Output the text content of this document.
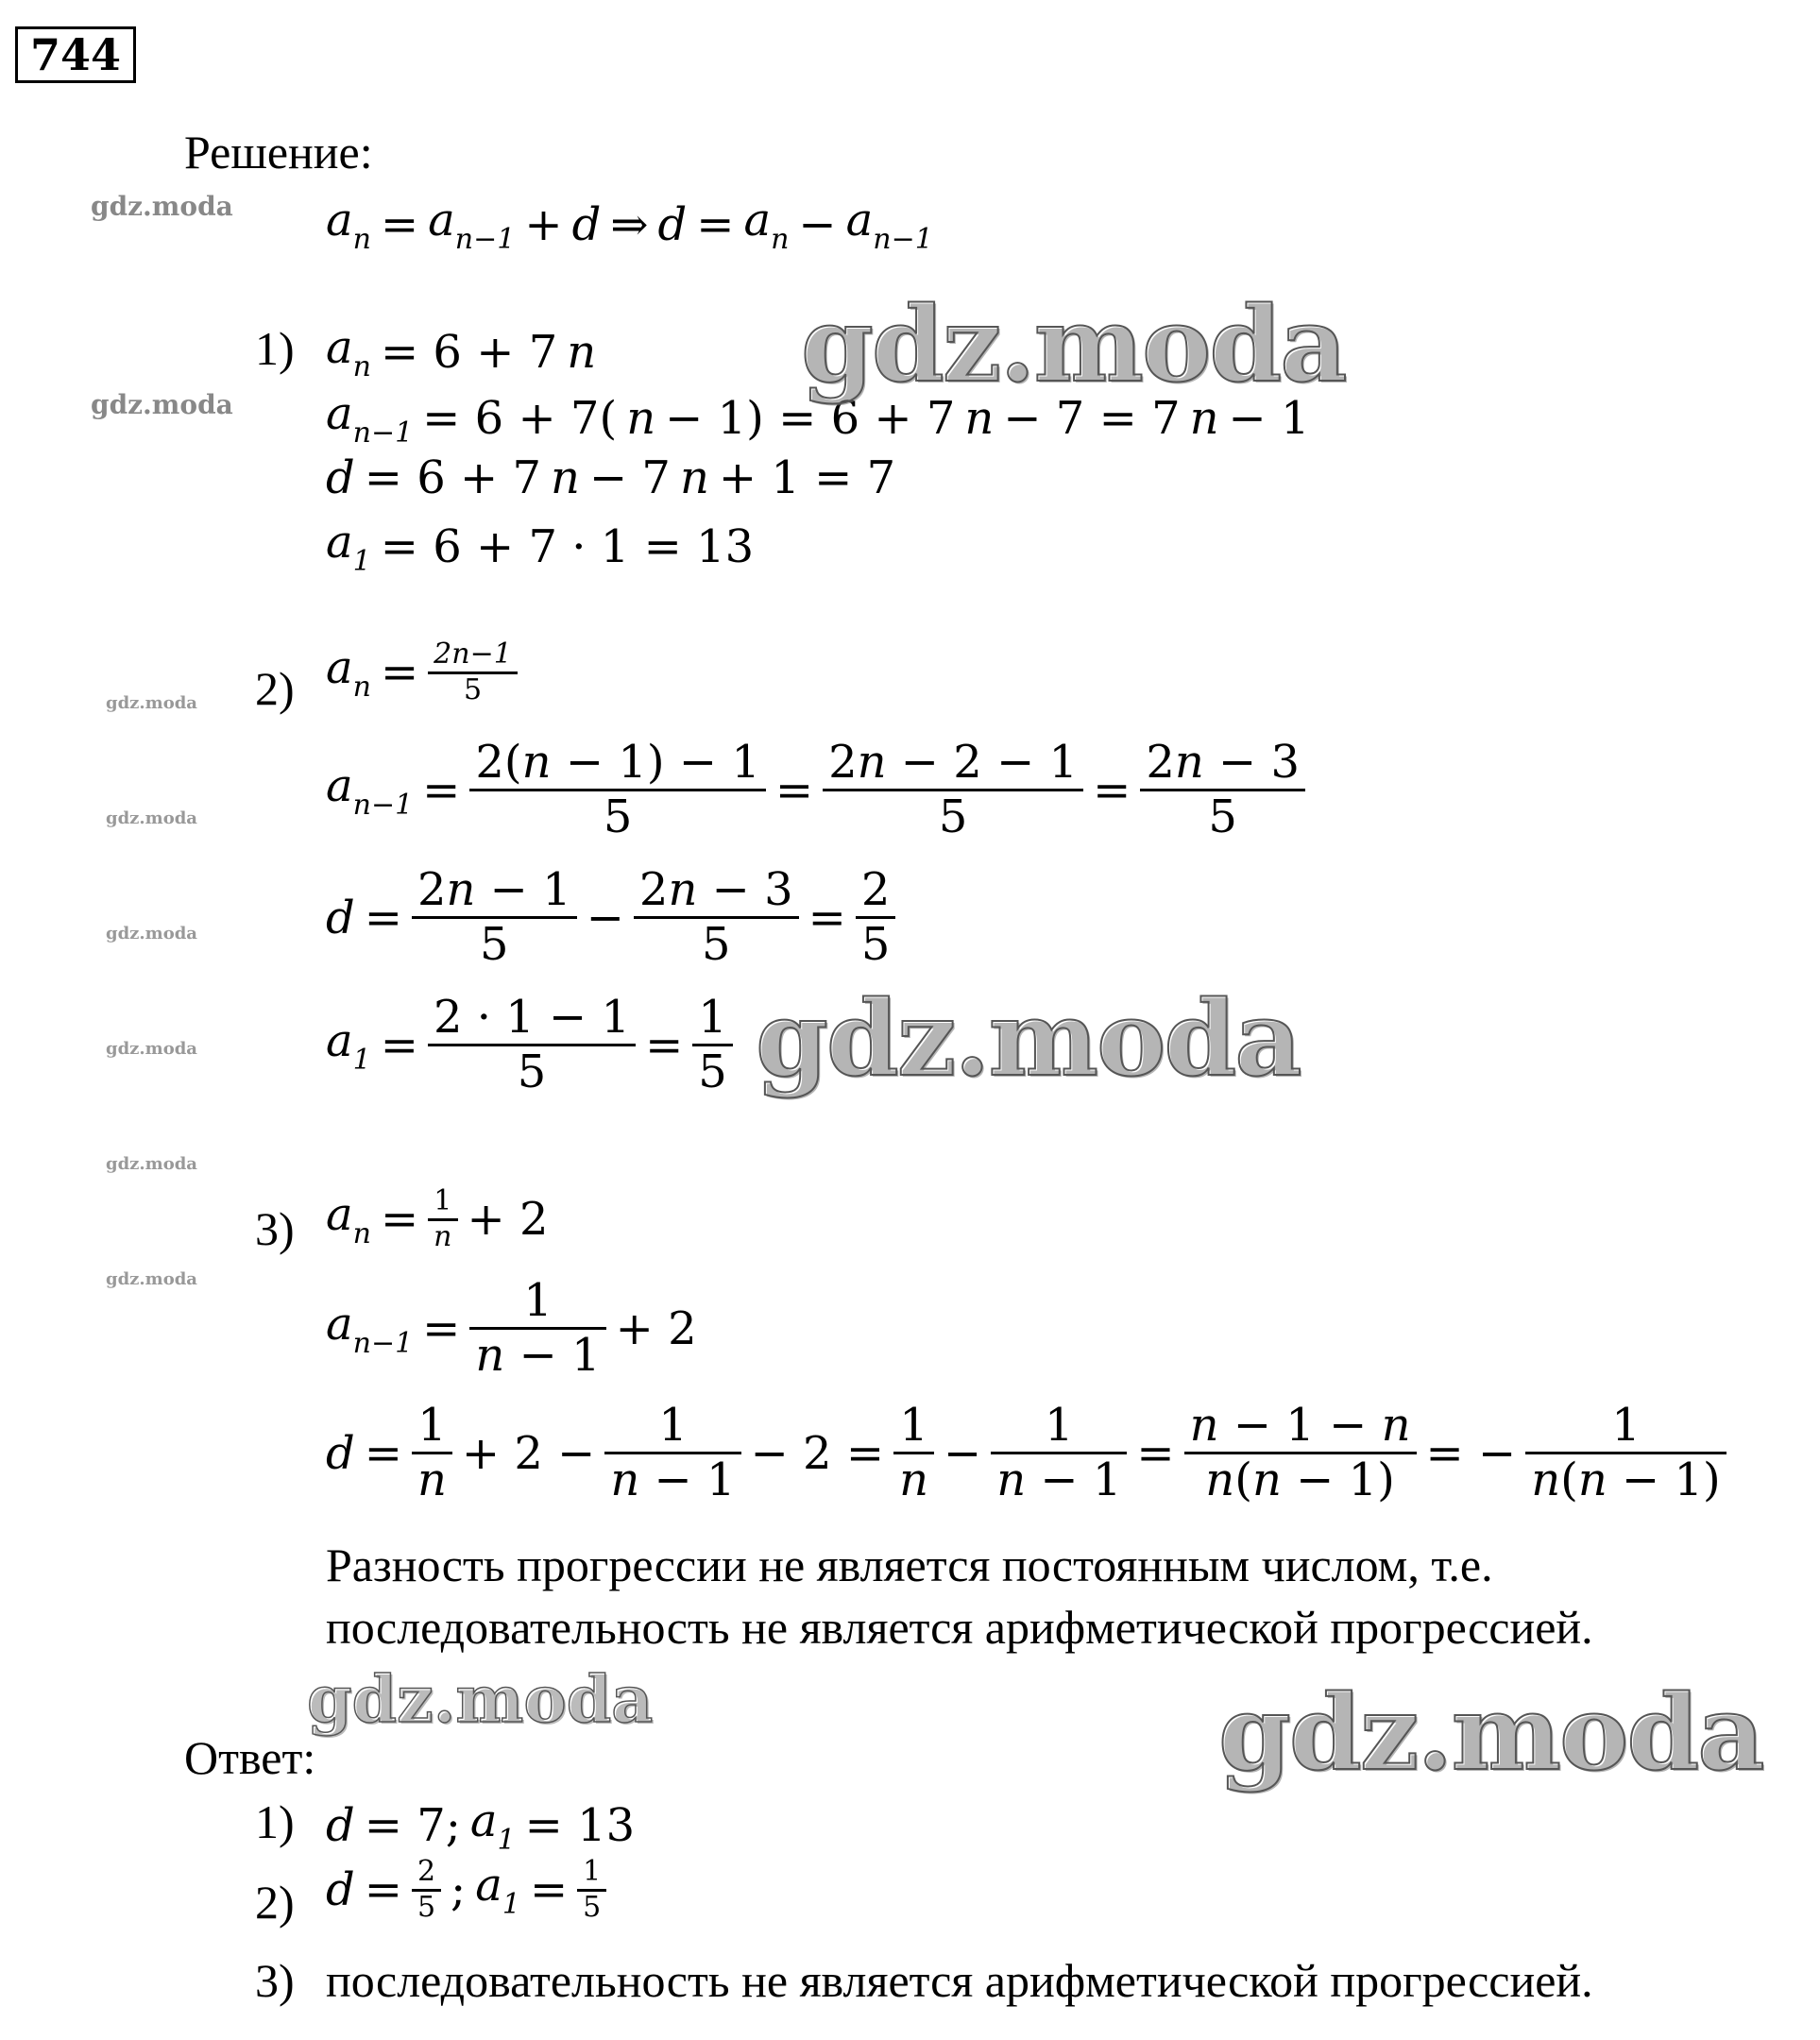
744
gdz.moda
gdz.moda
gdz.moda
gdz.moda
gdz.moda
gdz.moda
gdz.moda
gdz.moda
Решение:
$a_n = a_{n-1} + d$ ⇒ $d = a_n - a_{n-1}$
1) $a_n = 6 + 7$ n
$a_{n-1} = 6 + 7$( n − 1) = 6 + 7 n − 7 = 7 n − 1
d = 6 + 7 n − 7 n + 1 = 7
$a_1 = 6 + 7 \cdot 1 = 13$
gdz.moda
2) $a_n = \frac{2n-1}{5}$
$a_{n-1} = \frac{2(n - 1) - 1}{5} = \frac{2n - 2 - 1}{5} = \frac{2n - 3}{5}$
$d = \frac{2n - 1}{5} - \frac{2n - 3}{5} = \frac{2}{5}$
$a_1 = \frac{2 \cdot 1 - 1}{5} = \frac{1}{5}$ gdz.moda
3) $a_n = \frac{1}{n} + 2$
$a_{n-1} = \frac{1}{n - 1} + 2$
$d = \frac{1}{n} + 2 - \frac{1}{n - 1} - 2 = \frac{1}{n} - \frac{1}{n - 1} = \frac{n - 1 - n}{n(n - 1)}$ = − $\frac{1}{n(n - 1)}$
Разность прогрессии не является постоянным числом, т.е.
последовательность не является арифметической прогрессией.
gdz.moda	gdz.moda
Ответ:
1) d = 7; $a_1 = 13$
2) $d = \frac{2}{5}$ ; $a_1 = \frac{1}{5}$
3) последовательность не является арифметической прогрессией.
